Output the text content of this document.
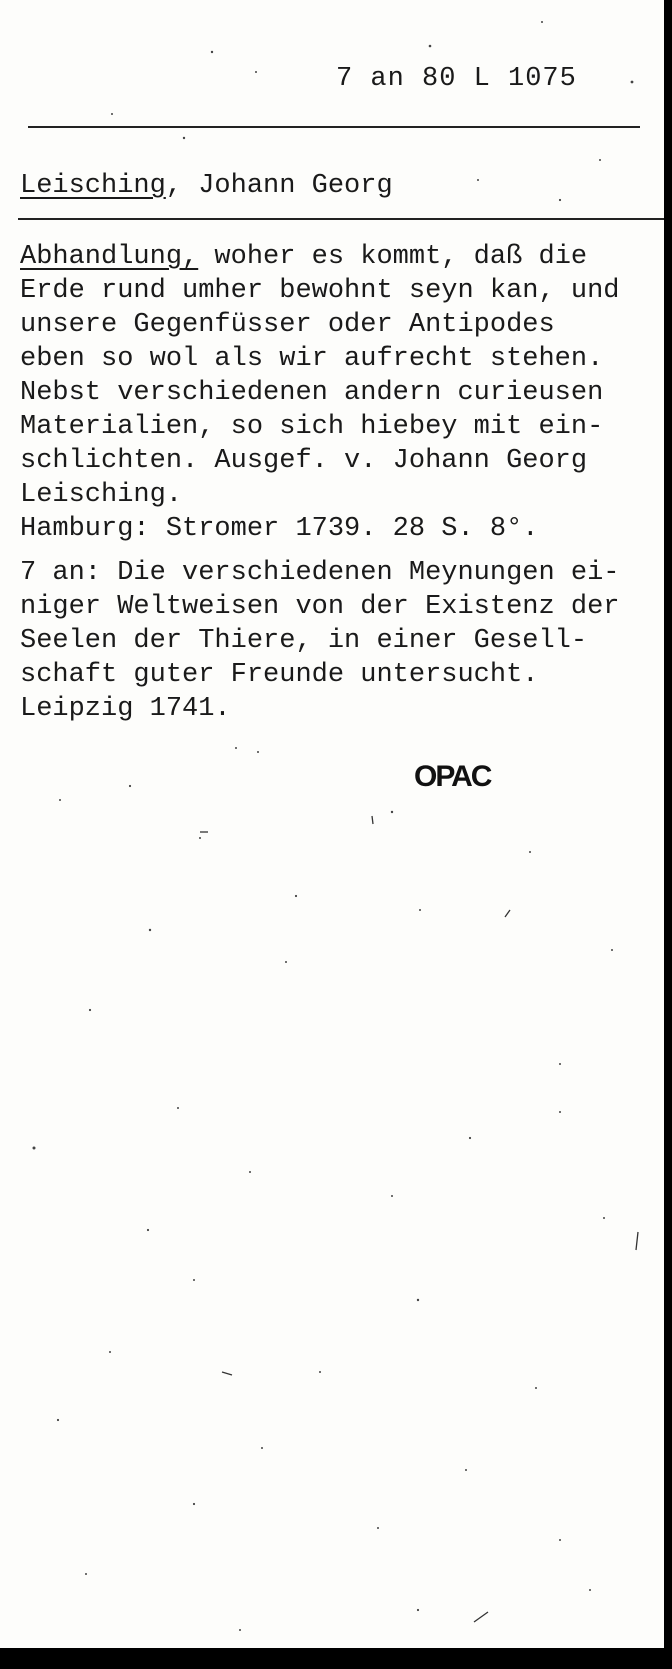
7 an 80 L 1075
Leisching, Johann Georg
Abhandlung, woher es kommt, daß die
Erde rund umher bewohnt seyn kan, und
unsere Gegenfüsser oder Antipodes
eben so wol als wir aufrecht stehen.
Nebst verschiedenen andern curieusen
Materialien, so sich hiebey mit ein-
schlichten. Ausgef. v. Johann Georg
Leisching.
Hamburg: Stromer 1739. 28 S. 8°.
7 an: Die verschiedenen Meynungen ei-
niger Weltweisen von der Existenz der
Seelen der Thiere, in einer Gesell-
schaft guter Freunde untersucht.
Leipzig 1741.
OPAC
